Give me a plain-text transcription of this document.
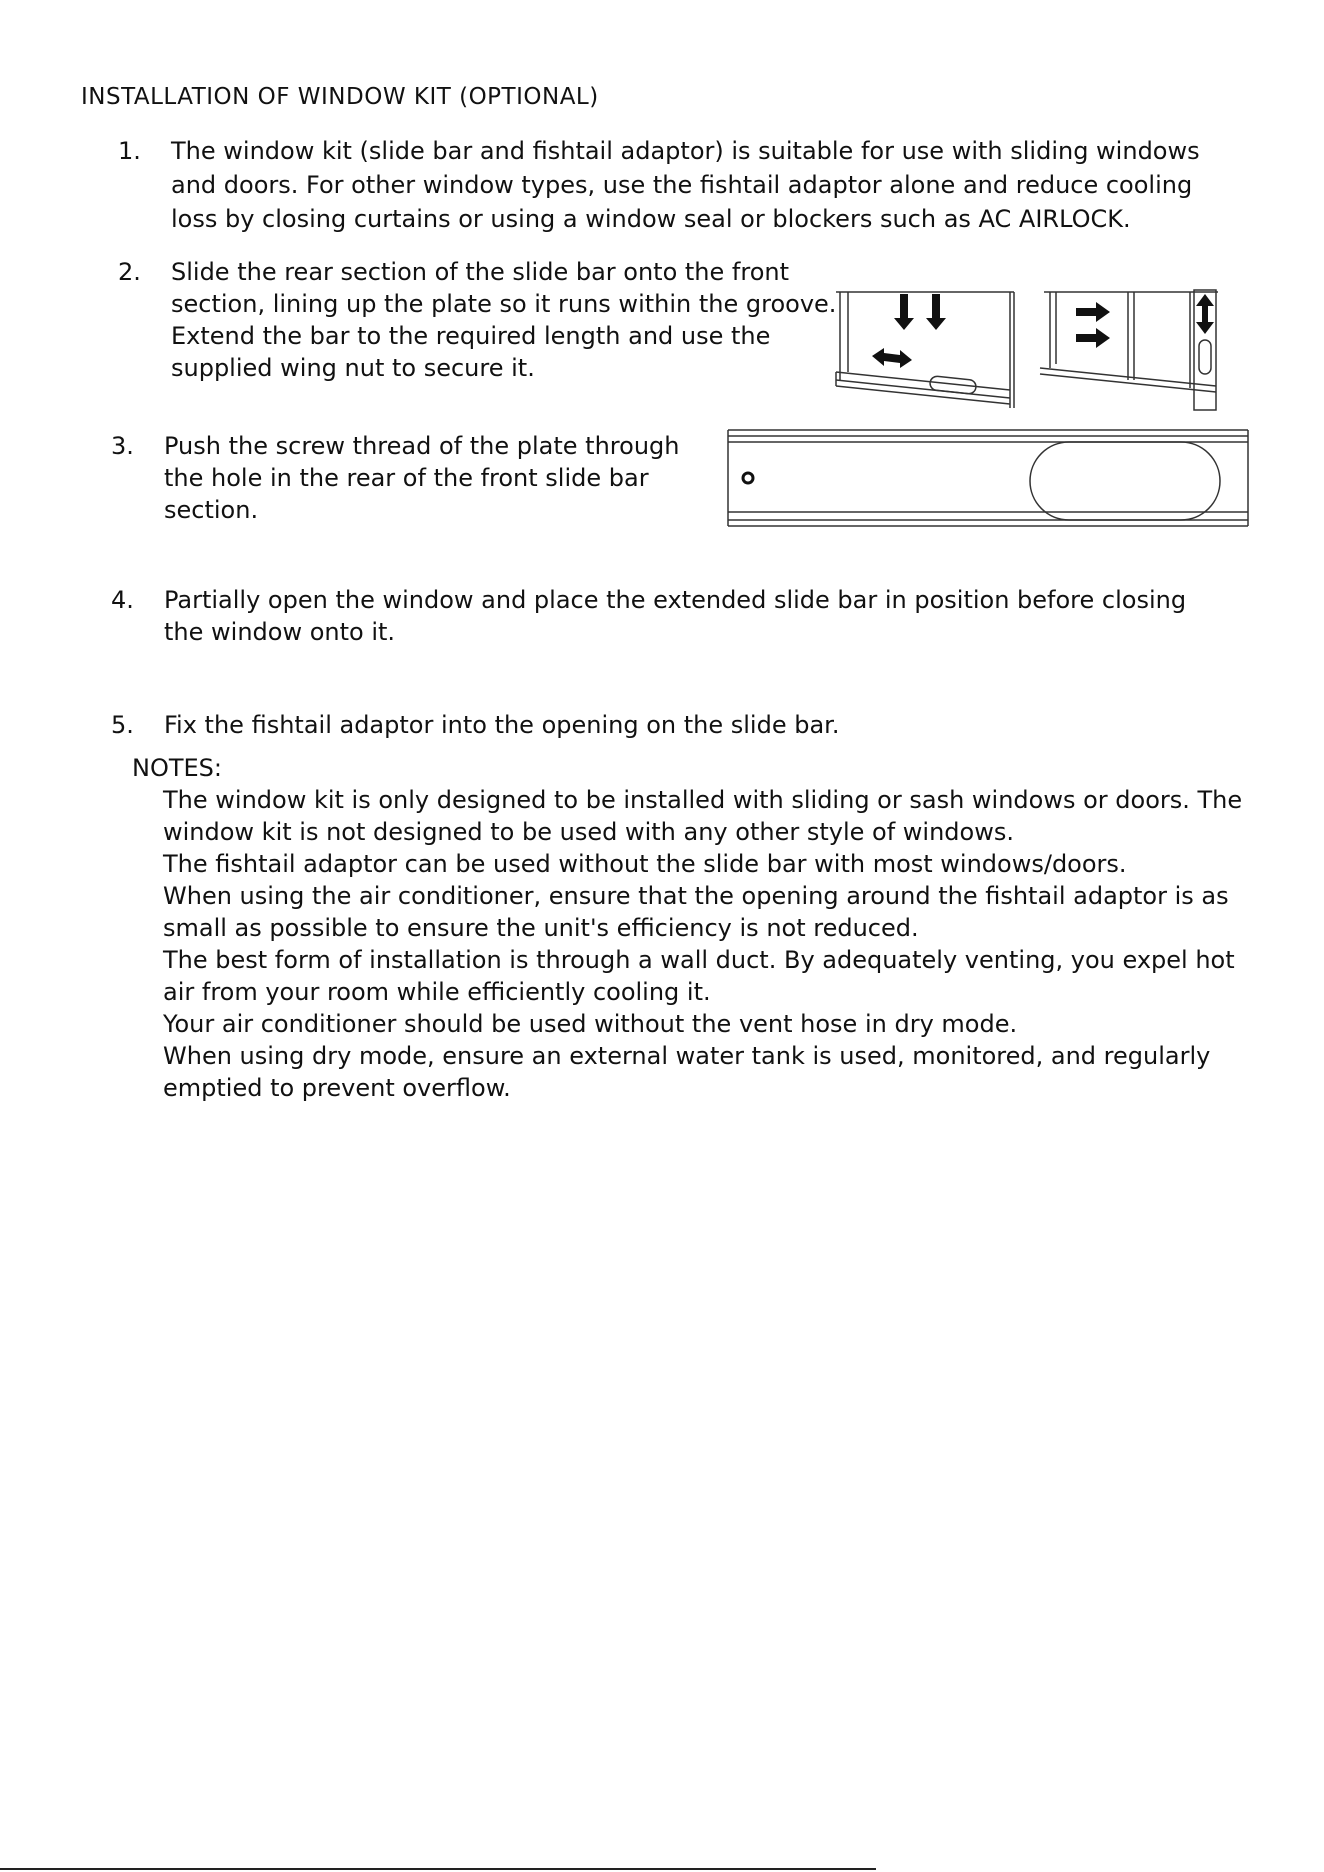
INSTALLATION OF WINDOW KIT (OPTIONAL)
1.	The window kit (slide bar and fishtail adaptor) is suitable for use with sliding windows and doors. For other window types, use the fishtail adaptor alone and reduce cooling loss by closing curtains or using a window seal or blockers such as AC AIRLOCK.
2.	Slide the rear section of the slide bar onto the front section, lining up the plate so it runs within the groove. Extend the bar to the required length and use the supplied wing nut to secure it.
3.	Push the screw thread of the plate through the hole in the rear of the front slide bar section.
4.	Partially open the window and place the extended slide bar in position before closing the window onto it.
5.	Fix the fishtail adaptor into the opening on the slide bar.
NOTES:

The window kit is only designed to be installed with sliding or sash windows or doors. The window kit is not designed to be used with any other style of windows.

The fishtail adaptor can be used without the slide bar with most windows/doors.

When using the air conditioner, ensure that the opening around the fishtail adaptor is as small as possible to ensure the unit's efficiency is not reduced.

The best form of installation is through a wall duct. By adequately venting, you expel hot air from your room while efficiently cooling it.

Your air conditioner should be used without the vent hose in dry mode.

When using dry mode, ensure an external water tank is used, monitored, and regularly emptied to prevent overflow.
